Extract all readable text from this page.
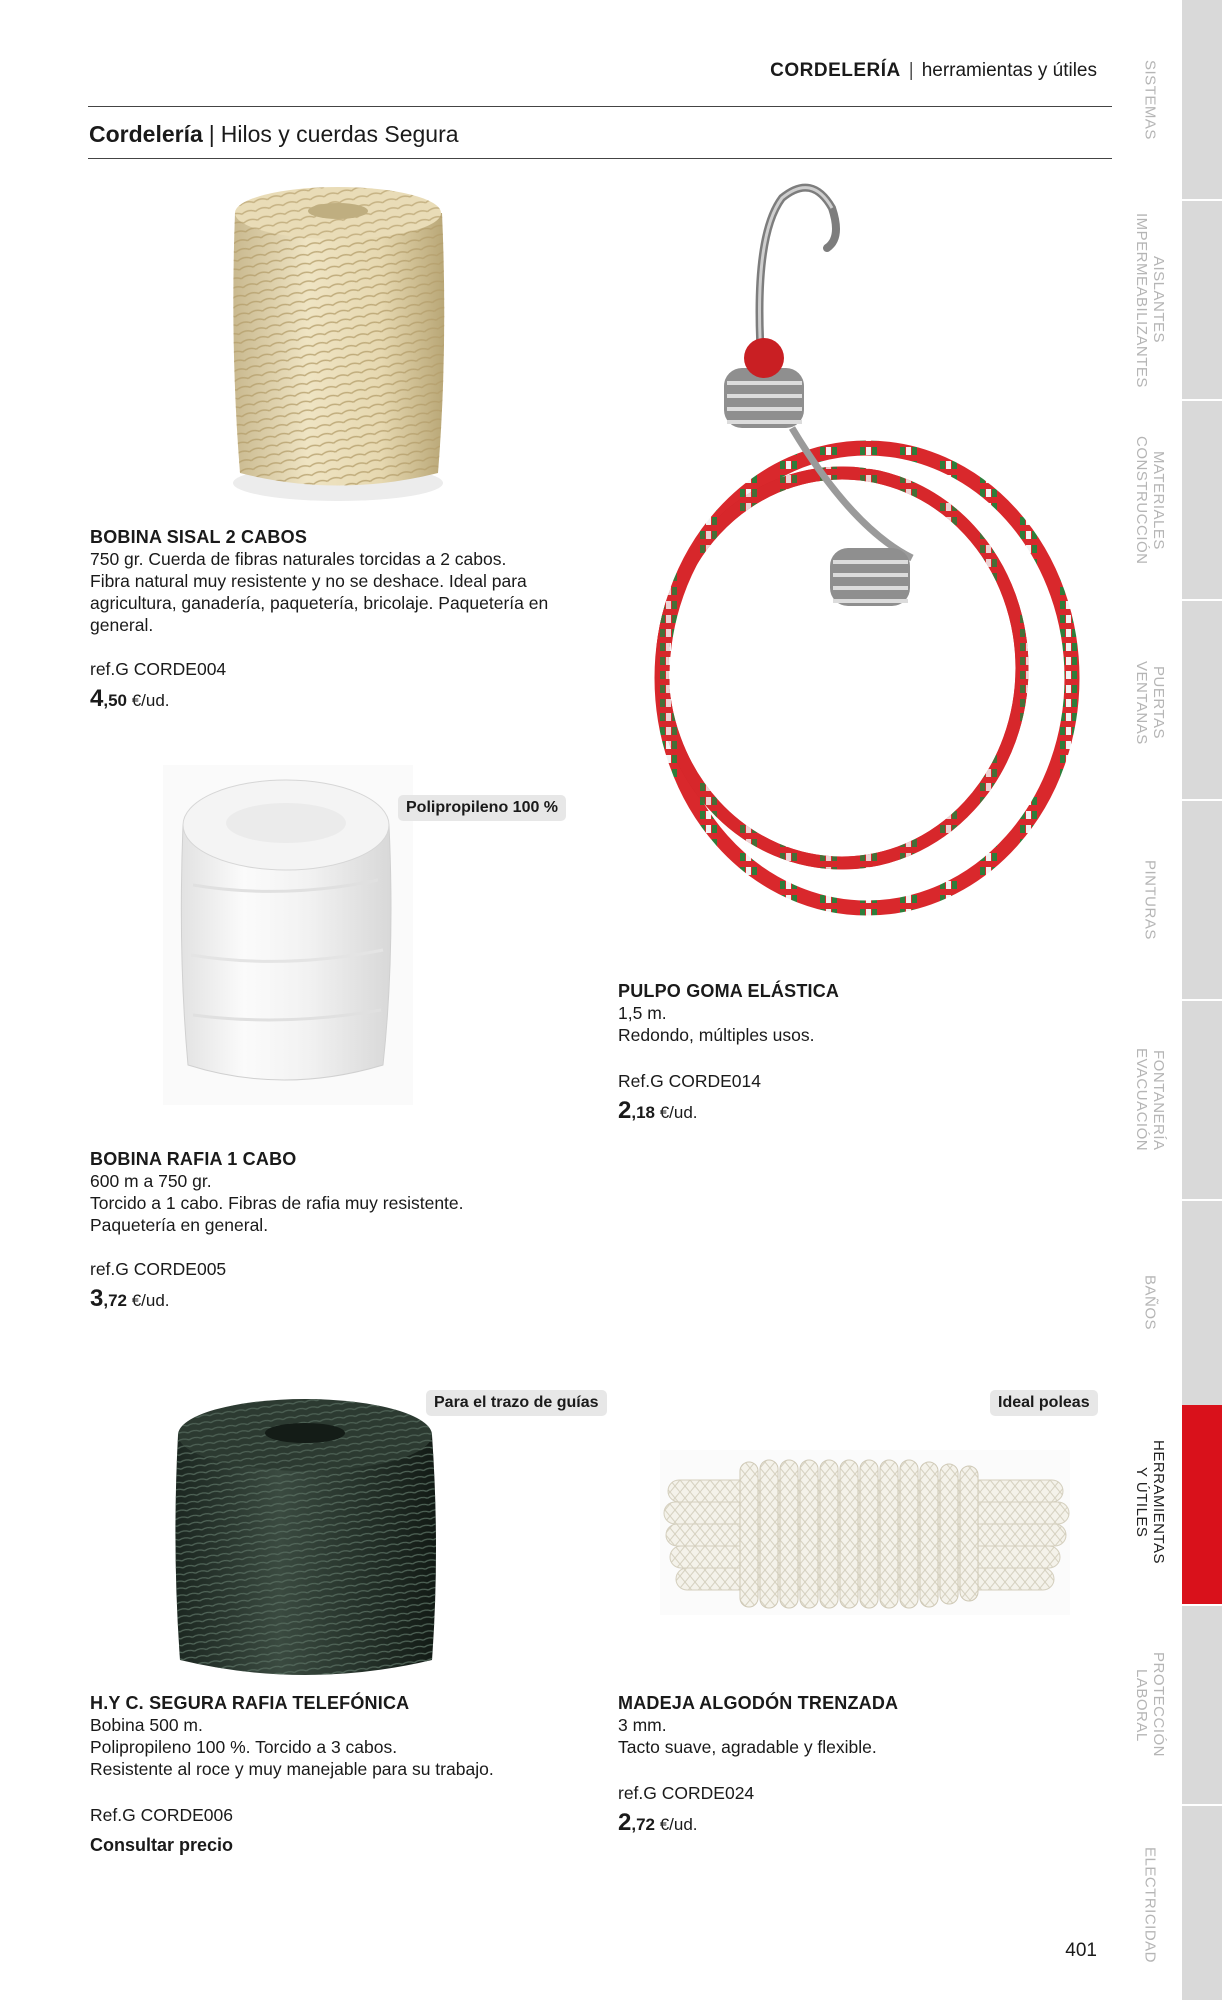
CORDELERÍA | herramientas y útiles
Cordelería | Hilos y cuerdas Segura
Polipropileno 100 %
Para el trazo de guías	Ideal poleas
BOBINA SISAL 2 CABOS
750 gr. Cuerda de fibras naturales torcidas a 2 cabos.
Fibra natural muy resistente y no se deshace. Ideal para
agricultura, ganadería, paquetería, bricolaje. Paquetería en
general.
ref.G CORDE004
4,50 €/ud.
BOBINA RAFIA 1 CABO
600 m a 750 gr.
Torcido a 1 cabo. Fibras de rafia muy resistente.
Paquetería en general.
ref.G CORDE005
3,72 €/ud.
PULPO GOMA ELÁSTICA
1,5 m.
Redondo, múltiples usos.
Ref.G CORDE014
2,18 €/ud.
H.Y C. SEGURA RAFIA TELEFÓNICA
Bobina 500 m.
Polipropileno 100 %. Torcido a 3 cabos.
Resistente al roce y muy manejable para su trabajo.
Ref.G CORDE006
Consultar precio
MADEJA ALGODÓN TRENZADA
3 mm.
Tacto suave, agradable y flexible.
ref.G CORDE024
2,72 €/ud.
SISTEMAS
AISLANTES
IMPERMEABILIZANTES
MATERIALES
CONSTRUCCIÓN
PUERTAS
VENTANAS
PINTURAS
FONTANERÍA
EVACUACIÓN
BAÑOS
HERRAMIENTAS
Y ÚTILES
PROTECCIÓN
LABORAL
ELECTRICIDAD
401
